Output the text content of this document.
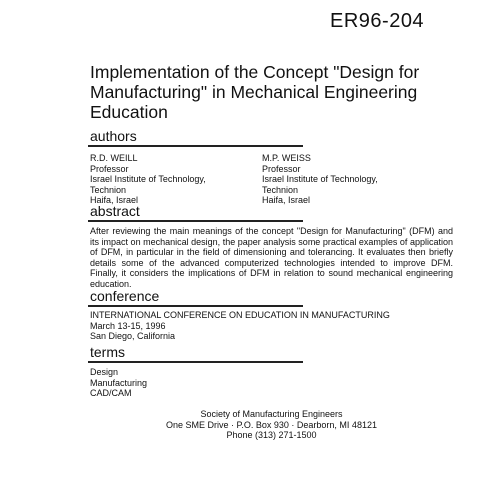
ER96-204
Implementation of the Concept "Design for Manufacturing" in Mechanical Engineering Education
authors
R.D. WEILL
Professor
Israel Institute of Technology,
Technion
Haifa, Israel
M.P. WEISS
Professor
Israel Institute of Technology,
Technion
Haifa, Israel
abstract
After reviewing the main meanings of the concept "Design for Manufacturing" (DFM) and its impact on mechanical design, the paper analysis some practical examples of application of DFM, in particular in the field of dimensioning and tolerancing. It evaluates then briefly details some of the advanced computerized technologies intended to improve DFM. Finally, it considers the implications of DFM in relation to sound mechanical engineering education.
conference
INTERNATIONAL CONFERENCE ON EDUCATION IN MANUFACTURING
March 13-15, 1996
San Diego, California
terms
Design
Manufacturing
CAD/CAM
Society of Manufacturing Engineers
One SME Drive · P.O. Box 930 · Dearborn, MI 48121
Phone (313) 271-1500
